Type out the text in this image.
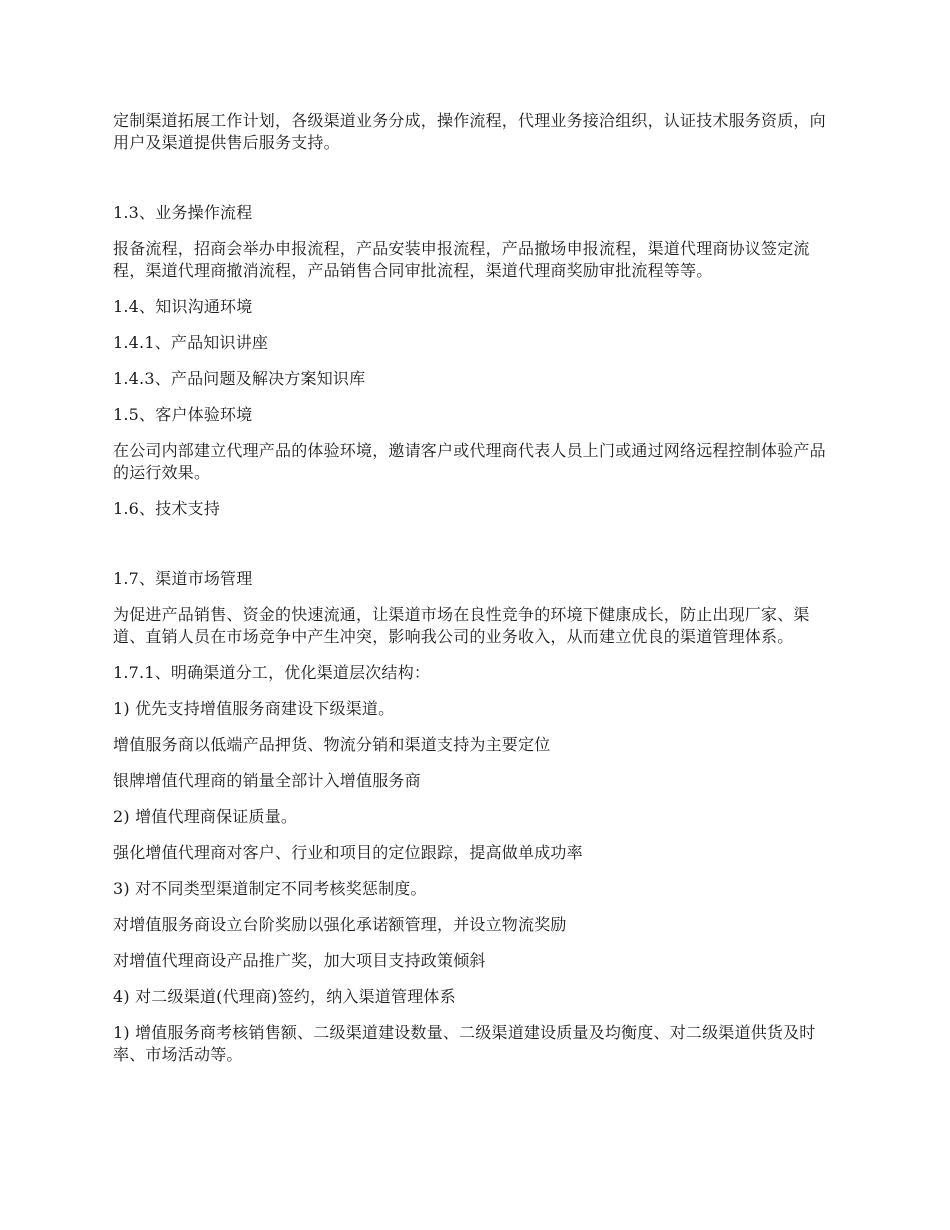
定制渠道拓展工作计划，各级渠道业务分成，操作流程，代理业务接洽组织，认证技术服务资质，向用户及渠道提供售后服务支持。

1.3、业务操作流程

报备流程，招商会举办申报流程，产品安装申报流程，产品撤场申报流程，渠道代理商协议签定流程，渠道代理商撤消流程，产品销售合同审批流程，渠道代理商奖励审批流程等等。

1.4、知识沟通环境

1.4.1、产品知识讲座

1.4.3、产品问题及解决方案知识库

1.5、客户体验环境

在公司内部建立代理产品的体验环境，邀请客户或代理商代表人员上门或通过网络远程控制体验产品的运行效果。

1.6、技术支持

1.7、渠道市场管理

为促进产品销售、资金的快速流通，让渠道市场在良性竞争的环境下健康成长，防止出现厂家、渠道、直销人员在市场竞争中产生冲突，影响我公司的业务收入，从而建立优良的渠道管理体系。

1.7.1、明确渠道分工，优化渠道层次结构：

1) 优先支持增值服务商建设下级渠道。

增值服务商以低端产品押货、物流分销和渠道支持为主要定位

银牌增值代理商的销量全部计入增值服务商

2) 增值代理商保证质量。

强化增值代理商对客户、行业和项目的定位跟踪，提高做单成功率

3) 对不同类型渠道制定不同考核奖惩制度。

对增值服务商设立台阶奖励以强化承诺额管理，并设立物流奖励

对增值代理商设产品推广奖，加大项目支持政策倾斜

4) 对二级渠道(代理商)签约，纳入渠道管理体系

1) 增值服务商考核销售额、二级渠道建设数量、二级渠道建设质量及均衡度、对二级渠道供货及时率、市场活动等。
